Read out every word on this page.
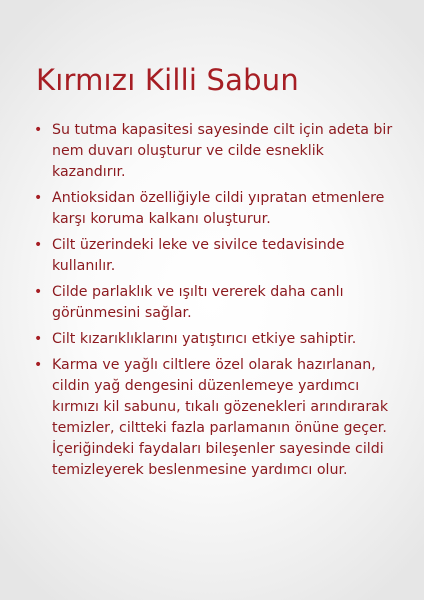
Kırmızı Killi Sabun
• Su tutma kapasitesi sayesinde cilt için adeta bir nem duvarı oluşturur ve cilde esneklik kazandırır.
• Antioksidan özelliğiyle cildi yıpratan etmenlere karşı koruma kalkanı oluşturur.
• Cilt üzerindeki leke ve sivilce tedavisinde kullanılır.
• Cilde parlaklık ve ışıltı vererek daha canlı görünmesini sağlar.
• Cilt kızarıklıklarını yatıştırıcı etkiye sahiptir.
• Karma ve yağlı ciltlere özel olarak hazırlanan, cildin yağ dengesini düzenlemeye yardımcı kırmızı kil sabunu, tıkalı gözenekleri arındırarak temizler, ciltteki fazla parlamanın önüne geçer. İçeriğindeki faydaları bileşenler sayesinde cildi temizleyerek beslenmesine yardımcı olur.
